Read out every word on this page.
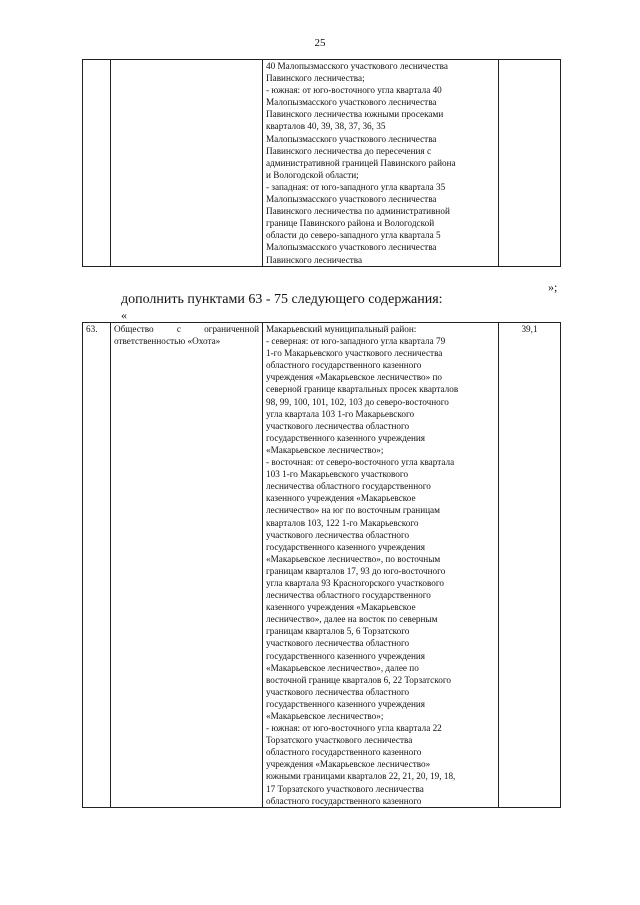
25

40 Малопызмасского участкового лесничества
Павинского лесничества;
- южная: от юго-восточного угла квартала 40
Малопызмасского участкового лесничества
Павинского лесничества южными просеками
кварталов 40, 39, 38, 37, 36, 35
Малопызмасского участкового лесничества
Павинского лесничества до пересечения с
административной границей Павинского района
и Вологодской области;
- западная: от юго-западного угла квартала 35
Малопызмасского участкового лесничества
Павинского лесничества по административной
границе Павинского района и Вологодской
области до северо-западного угла квартала 5
Малопызмасского участкового лесничества
Павинского лесничества

»;
дополнить пунктами 63 - 75 следующего содержания:
«
63.	Общество с ограниченной ответственностью «Охота»	
Макарьевский муниципальный район:
- северная: от юго-западного угла квартала 79
1-го Макарьевского участкового лесничества
областного государственного казенного
учреждения «Макарьевское лесничество» по
северной границе квартальных просек кварталов
98, 99, 100, 101, 102, 103 до северо-восточного
угла квартала 103 1-го Макарьевского
участкового лесничества областного
государственного казенного учреждения
«Макарьевское лесничество»;
- восточная: от северо-восточного угла квартала
103 1-го Макарьевского участкового
лесничества областного государственного
казенного учреждения «Макарьевское
лесничество» на юг по восточным границам
кварталов 103, 122 1-го Макарьевского
участкового лесничества областного
государственного казенного учреждения
«Макарьевское лесничество», по восточным
границам кварталов 17, 93 до юго-восточного
угла квартала 93 Красногорского участкового
лесничества областного государственного
казенного учреждения «Макарьевское
лесничество», далее на восток по северным
границам кварталов 5, 6 Торзатского
участкового лесничества областного
государственного казенного учреждения
«Макарьевское лесничество», далее по
восточной границе кварталов 6, 22 Торзатского
участкового лесничества областного
государственного казенного учреждения
«Макарьевское лесничество»;
- южная: от юго-восточного угла квартала 22
Торзатского участкового лесничества
областного государственного казенного
учреждения «Макарьевское лесничество»
южными границами кварталов 22, 21, 20, 19, 18,
17 Торзатского участкового лесничества
областного государственного казенного
	39,1
